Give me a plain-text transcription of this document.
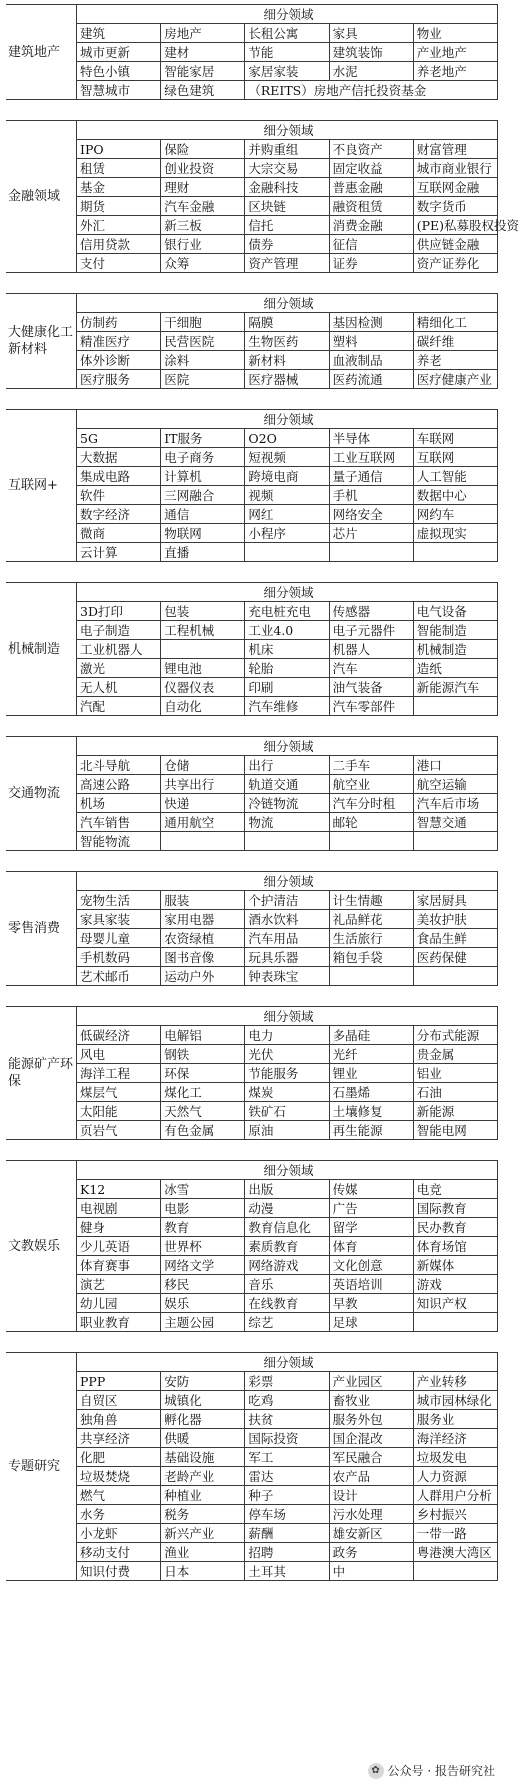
建筑地产
细分领域				
建筑	房地产	长租公寓	家具	物业
城市更新	建材	节能	建筑装饰	产业地产
特色小镇	智能家居	家居家装	水泥	养老地产
智慧城市	绿色建筑	（REITS）房地产信托投资基金		
金融领域
细分领域				
IPO	保险	并购重组	不良资产	财富管理
租赁	创业投资	大宗交易	固定收益	城市商业银行
基金	理财	金融科技	普惠金融	互联网金融
期货	汽车金融	区块链	融资租赁	数字货币
外汇	新三板	信托	消费金融	(PE)私募股权投资
信用贷款	银行业	债券	征信	供应链金融
支付	众筹	资产管理	证券	资产证券化
大健康化工新材料
细分领域				
仿制药	干细胞	隔膜	基因检测	精细化工
精准医疗	民营医院	生物医药	塑料	碳纤维
体外诊断	涂料	新材料	血液制品	养老
医疗服务	医院	医疗器械	医药流通	医疗健康产业
互联网+
细分领域				
5G	IT服务	O2O	半导体	车联网
大数据	电子商务	短视频	工业互联网	互联网
集成电路	计算机	跨境电商	量子通信	人工智能
软件	三网融合	视频	手机	数据中心
数字经济	通信	网红	网络安全	网约车
微商	物联网	小程序	芯片	虚拟现实
云计算	直播			
机械制造
细分领域				
3D打印	包装	充电桩充电	传感器	电气设备
电子制造	工程机械	工业4.0	电子元器件	智能制造
工业机器人		机床	机器人	机械制造
激光	锂电池	轮胎	汽车	造纸
无人机	仪器仪表	印刷	油气装备	新能源汽车
汽配	自动化	汽车维修	汽车零部件	
交通物流
细分领域				
北斗导航	仓储	出行	二手车	港口
高速公路	共享出行	轨道交通	航空业	航空运输
机场	快递	冷链物流	汽车分时租	汽车后市场
汽车销售	通用航空	物流	邮轮	智慧交通
智能物流				
零售消费
细分领域				
宠物生活	服装	个护清洁	计生情趣	家居厨具
家具家装	家用电器	酒水饮料	礼品鲜花	美妆护肤
母婴儿童	农资绿植	汽车用品	生活旅行	食品生鲜
手机数码	图书音像	玩具乐器	箱包手袋	医药保健
艺术邮币	运动户外	钟表珠宝		
能源矿产环保
细分领域				
低碳经济	电解铝	电力	多晶硅	分布式能源
风电	钢铁	光伏	光纤	贵金属
海洋工程	环保	节能服务	锂业	铝业
煤层气	煤化工	煤炭	石墨烯	石油
太阳能	天然气	铁矿石	土壤修复	新能源
页岩气	有色金属	原油	再生能源	智能电网
文教娱乐
细分领域				
K12	冰雪	出版	传媒	电竞
电视剧	电影	动漫	广告	国际教育
健身	教育	教育信息化	留学	民办教育
少儿英语	世界杯	素质教育	体育	体育场馆
体育赛事	网络文学	网络游戏	文化创意	新媒体
演艺	移民	音乐	英语培训	游戏
幼儿园	娱乐	在线教育	早教	知识产权
职业教育	主题公园	综艺	足球	
专题研究
细分领域				
PPP	安防	彩票	产业园区	产业转移
自贸区	城镇化	吃鸡	畜牧业	城市园林绿化
独角兽	孵化器	扶贫	服务外包	服务业
共享经济	供暖	国际投资	国企混改	海洋经济
化肥	基础设施	军工	军民融合	垃圾发电
垃圾焚烧	老龄产业	雷达	农产品	人力资源
燃气	种植业	种子	设计	人群用户分析
水务	税务	停车场	污水处理	乡村振兴
小龙虾	新兴产业	薪酬	雄安新区	一带一路
移动支付	渔业	招聘	政务	粤港澳大湾区
知识付费	日本	土耳其	中	
✿ 公众号 · 报告研究社
